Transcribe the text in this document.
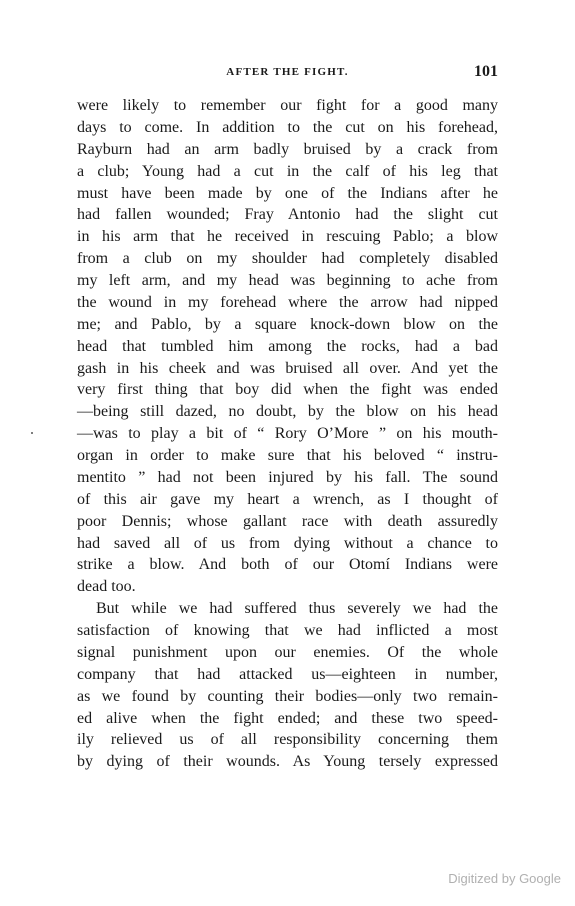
AFTER THE FIGHT.	101
were likely to remember our fight for a good many
days to come. In addition to the cut on his forehead,
Rayburn had an arm badly bruised by a crack from
a club; Young had a cut in the calf of his leg that
must have been made by one of the Indians after he
had fallen wounded; Fray Antonio had the slight cut
in his arm that he received in rescuing Pablo; a blow
from a club on my shoulder had completely disabled
my left arm, and my head was beginning to ache from
the wound in my forehead where the arrow had nipped
me; and Pablo, by a square knock-down blow on the
head that tumbled him among the rocks, had a bad
gash in his cheek and was bruised all over. And yet the
very first thing that boy did when the fight was ended
—being still dazed, no doubt, by the blow on his head
—was to play a bit of “ Rory O’More ” on his mouth-
organ in order to make sure that his beloved “ instru-
mentito ” had not been injured by his fall. The sound
of this air gave my heart a wrench, as I thought of
poor Dennis; whose gallant race with death assuredly
had saved all of us from dying without a chance to
strike a blow. And both of our Otomí Indians were
dead too.
But while we had suffered thus severely we had the
satisfaction of knowing that we had inflicted a most
signal punishment upon our enemies. Of the whole
company that had attacked us—eighteen in number,
as we found by counting their bodies—only two remain-
ed alive when the fight ended; and these two speed-
ily relieved us of all responsibility concerning them
by dying of their wounds. As Young tersely expressed
Digitized by Google
